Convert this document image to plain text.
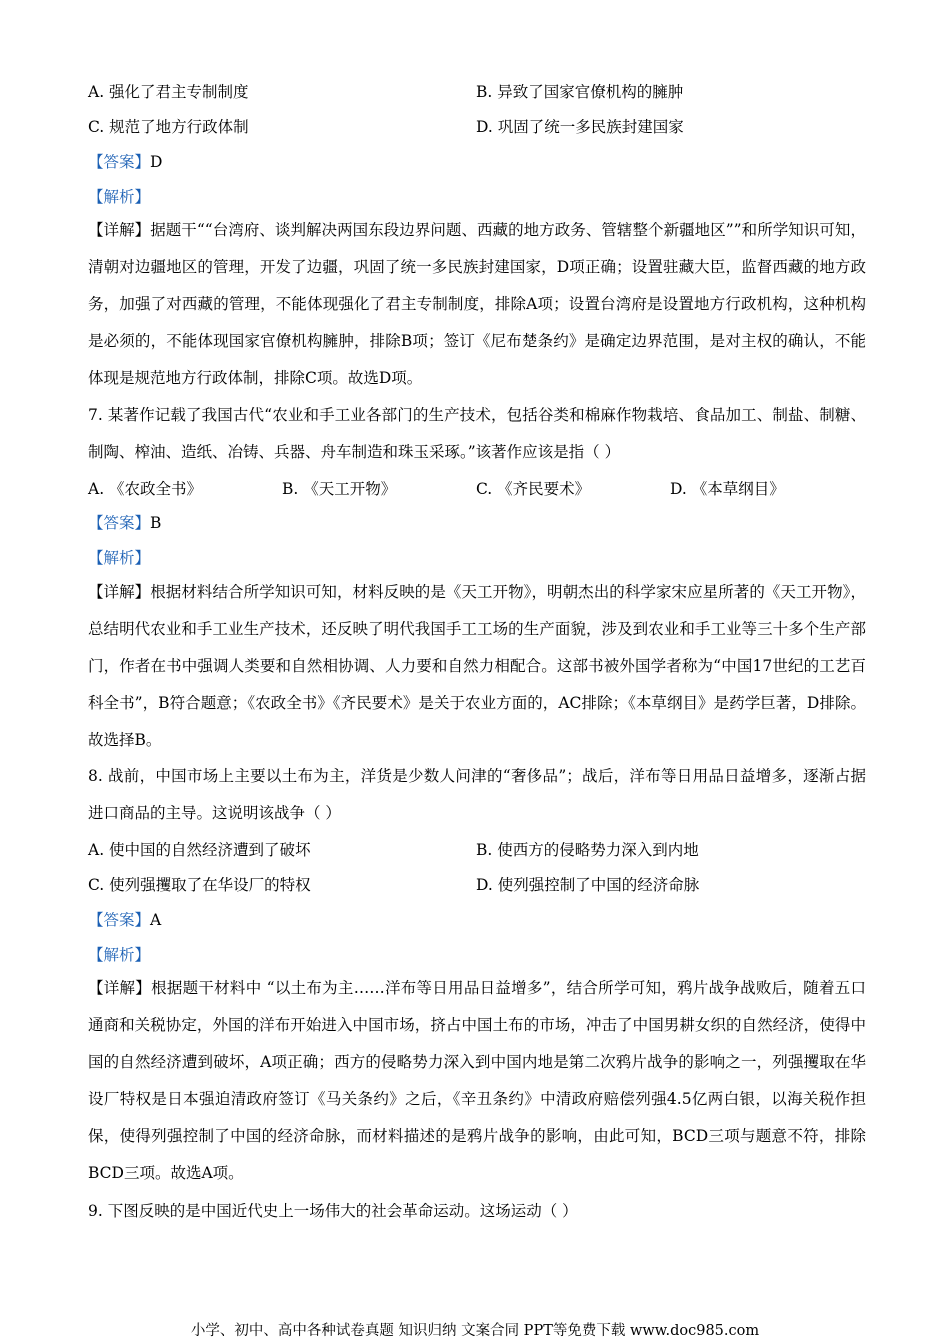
A. 强化了君主专制制度	B. 异致了国家官僚机构的臃肿
C. 规范了地方行政体制	D. 巩固了统一多民族封建国家
【答案】D
【解析】
【详解】据题干““台湾府、谈判解决两国东段边界问题、西藏的地方政务、管辖整个新疆地区””和所学知识可知，清朝对边疆地区的管理，开发了边疆，巩固了统一多民族封建国家，D项正确；设置驻藏大臣，监督西藏的地方政务，加强了对西藏的管理，不能体现强化了君主专制制度，排除A项；设置台湾府是设置地方行政机构，这种机构是必须的，不能体现国家官僚机构臃肿，排除B项；签订《尼布楚条约》是确定边界范围，是对主权的确认，不能体现是规范地方行政体制，排除C项。故选D项。
7. 某著作记载了我国古代“农业和手工业各部门的生产技术，包括谷类和棉麻作物栽培、食品加工、制盐、制糖、制陶、榨油、造纸、冶铸、兵器、舟车制造和珠玉采琢。”该著作应该是指（ ）
A. 《农政全书》	B. 《天工开物》	C. 《齐民要术》	D. 《本草纲目》
【答案】B
【解析】
【详解】根据材料结合所学知识可知，材料反映的是《天工开物》，明朝杰出的科学家宋应星所著的《天工开物》，总结明代农业和手工业生产技术，还反映了明代我国手工工场的生产面貌，涉及到农业和手工业等三十多个生产部门，作者在书中强调人类要和自然相协调、人力要和自然力相配合。这部书被外国学者称为“中国17世纪的工艺百科全书”，B符合题意；《农政全书》《齐民要术》是关于农业方面的，AC排除；《本草纲目》是药学巨著，D排除。故选择B。
8. 战前，中国市场上主要以土布为主，洋货是少数人问津的“奢侈品”；战后，洋布等日用品日益增多，逐渐占据进口商品的主导。这说明该战争（ ）
A. 使中国的自然经济遭到了破坏	B. 使西方的侵略势力深入到内地
C. 使列强攫取了在华设厂的特权	D. 使列强控制了中国的经济命脉
【答案】A
【解析】
【详解】根据题干材料中 “以土布为主……洋布等日用品日益增多”，结合所学可知，鸦片战争战败后，随着五口通商和关税协定，外国的洋布开始进入中国市场，挤占中国土布的市场，冲击了中国男耕女织的自然经济，使得中国的自然经济遭到破坏，A项正确；西方的侵略势力深入到中国内地是第二次鸦片战争的影响之一，列强攫取在华设厂特权是日本强迫清政府签订《马关条约》之后，《辛丑条约》中清政府赔偿列强4.5亿两白银，以海关税作担保，使得列强控制了中国的经济命脉，而材料描述的是鸦片战争的影响，由此可知，BCD三项与题意不符，排除BCD三项。故选A项。
9. 下图反映的是中国近代史上一场伟大的社会革命运动。这场运动（ ）
小学、初中、高中各种试卷真题 知识归纳 文案合同 PPT等免费下载 www.doc985.com
